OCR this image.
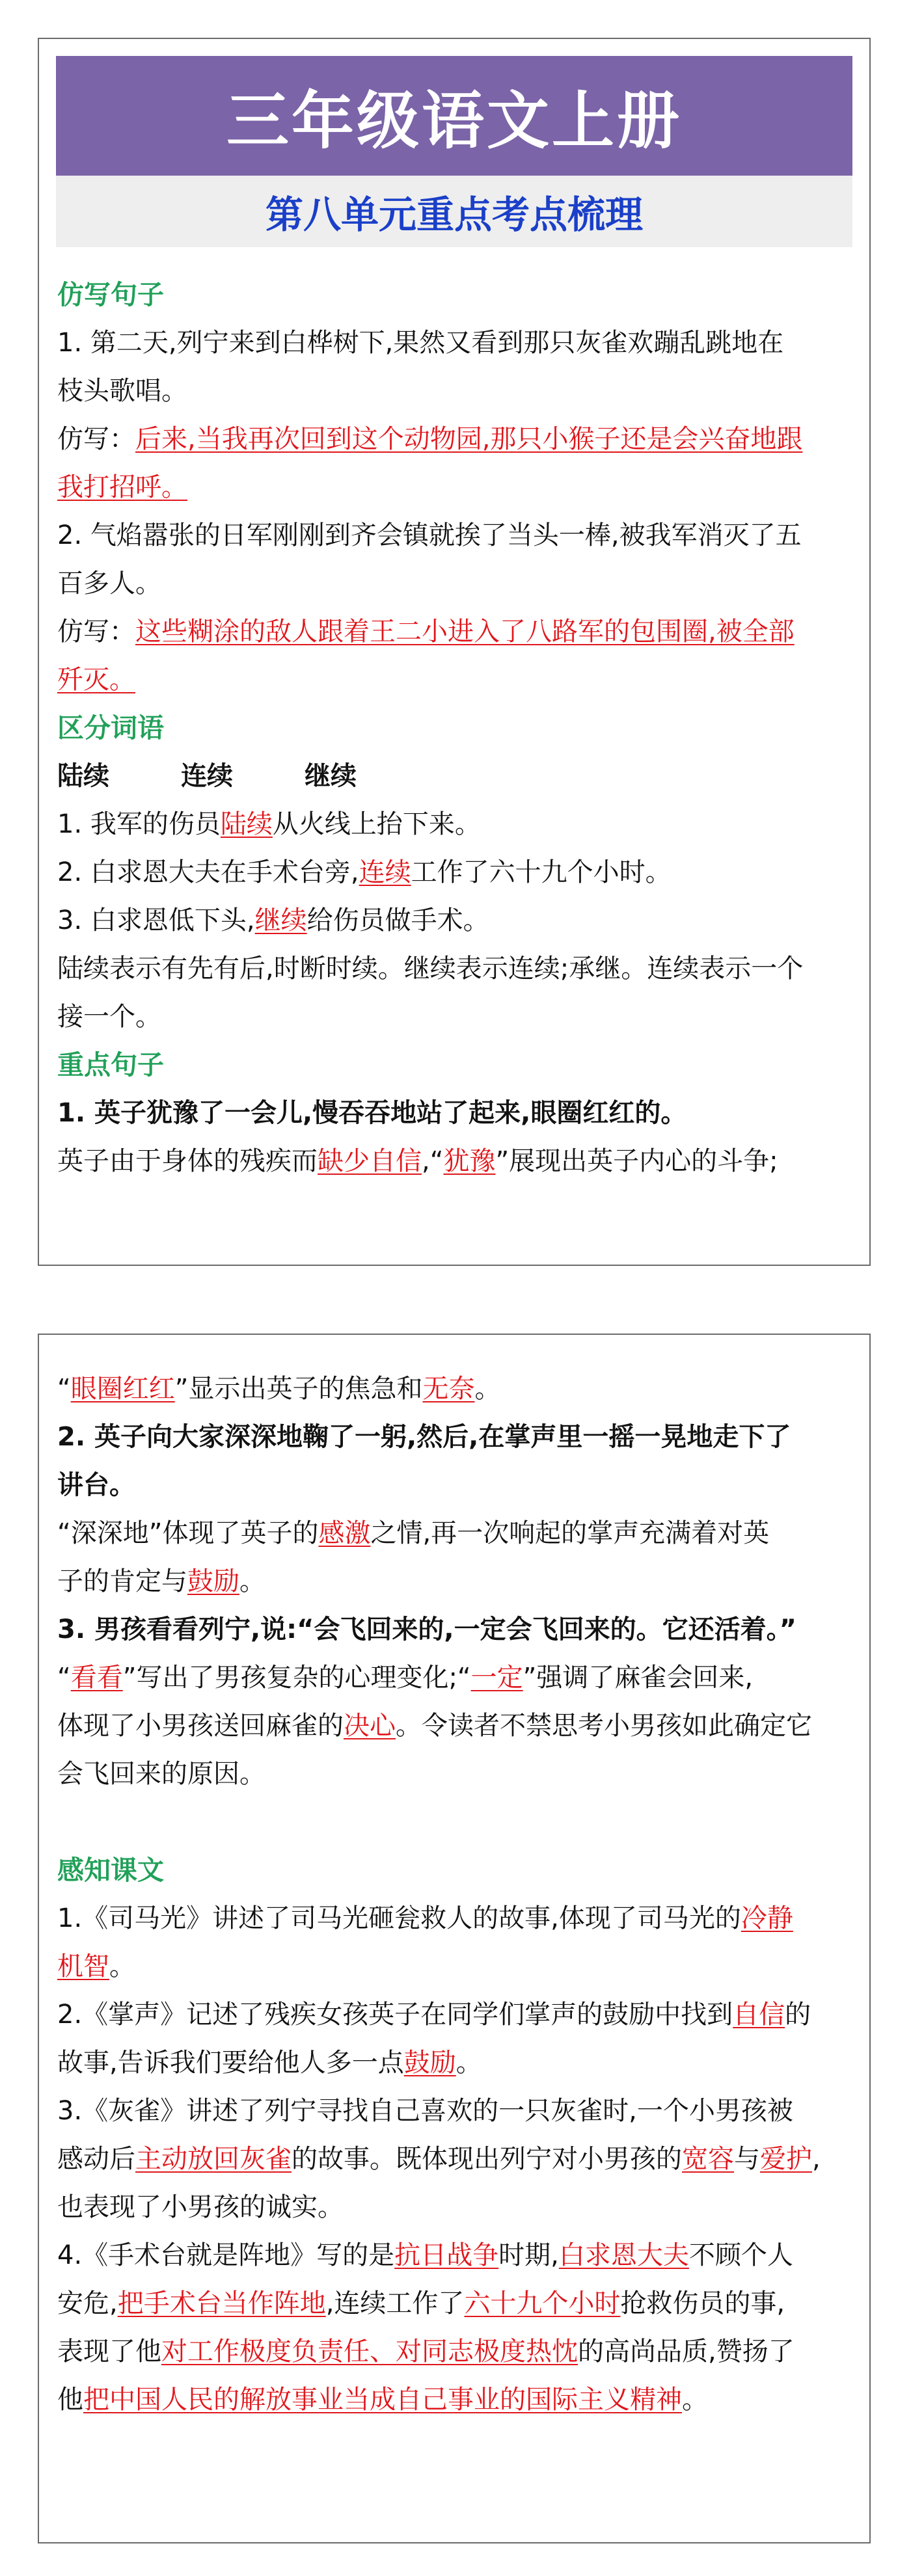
三年级语文上册
第八单元重点考点梳理
仿写句子
1. 第二天,列宁来到白桦树下,果然又看到那只灰雀欢蹦乱跳地在
枝头歌唱。
仿写：后来,当我再次回到这个动物园,那只小猴子还是会兴奋地跟
我打招呼。
2. 气焰嚣张的日军刚刚到齐会镇就挨了当头一棒,被我军消灭了五
百多人。
仿写：这些糊涂的敌人跟着王二小进入了八路军的包围圈,被全部
歼灭。
区分词语
陆续	连续	继续
1. 我军的伤员陆续从火线上抬下来。
2. 白求恩大夫在手术台旁,连续工作了六十九个小时。
3. 白求恩低下头,继续给伤员做手术。
陆续表示有先有后,时断时续。继续表示连续;承继。连续表示一个
接一个。
重点句子
1. 英子犹豫了一会儿,慢吞吞地站了起来,眼圈红红的。
英子由于身体的残疾而缺少自信,“犹豫”展现出英子内心的斗争;
“眼圈红红”显示出英子的焦急和无奈。
2. 英子向大家深深地鞠了一躬,然后,在掌声里一摇一晃地走下了
讲台。
“深深地”体现了英子的感激之情,再一次响起的掌声充满着对英
子的肯定与鼓励。
3. 男孩看看列宁,说:“会飞回来的,一定会飞回来的。它还活着。”
“看看”写出了男孩复杂的心理变化;“一定”强调了麻雀会回来,
体现了小男孩送回麻雀的决心。令读者不禁思考小男孩如此确定它
会飞回来的原因。
感知课文
1.《司马光》讲述了司马光砸瓮救人的故事,体现了司马光的冷静
机智。
2.《掌声》记述了残疾女孩英子在同学们掌声的鼓励中找到自信的
故事,告诉我们要给他人多一点鼓励。
3.《灰雀》讲述了列宁寻找自己喜欢的一只灰雀时,一个小男孩被
感动后主动放回灰雀的故事。既体现出列宁对小男孩的宽容与爱护,
也表现了小男孩的诚实。
4.《手术台就是阵地》写的是抗日战争时期,白求恩大夫不顾个人
安危,把手术台当作阵地,连续工作了六十九个小时抢救伤员的事,
表现了他对工作极度负责任、对同志极度热忱的高尚品质,赞扬了
他把中国人民的解放事业当成自己事业的国际主义精神。
